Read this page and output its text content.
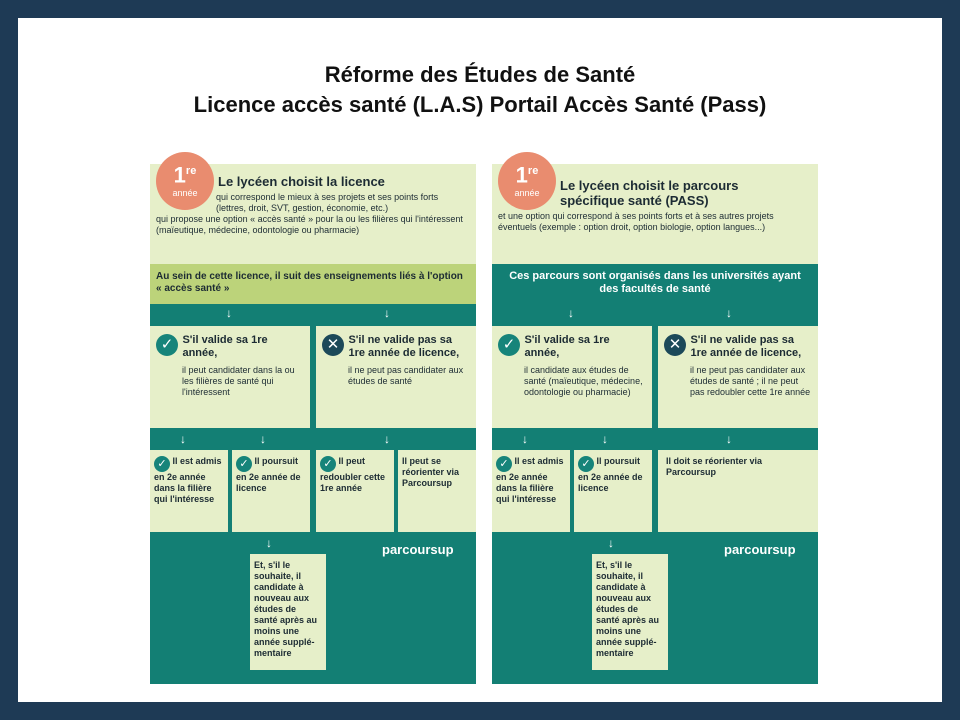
Réforme des Études de Santé
Licence accès santé (L.A.S) Portail Accès Santé (Pass)
Le lycéen choisit la licence
qui correspond le mieux à ses projets et ses points forts (lettres, droit, SVT, gestion, économie, etc.)
qui propose une option « accès santé » pour la ou les filières qui l'intéressent (maïeutique, médecine, odontologie ou pharmacie)
1re
année
Au sein de cette licence, il suit des enseignements liés à l'option « accès santé »
↓	↓
✓ S'il valide sa 1re année,
il peut candidater dans la ou les filières de santé qui l'intéressent
✕ S'il ne valide pas sa 1re année de licence,
il ne peut pas candidater aux études de santé
↓	↓	↓
✓ Il est admis en 2e année dans la filière qui l'intéresse
✓ Il poursuit en 2e année de licence
✓ Il peut redoubler cette 1re année
Il peut se réorienter via Parcoursup
↓	parcoursup
Et, s'il le souhaite, il candidate à nouveau aux études de santé après au moins une année supplé-mentaire
Le lycéen choisit le parcours spécifique santé (PASS)
et une option qui correspond à ses points forts et à ses autres projets éventuels (exemple : option droit, option biologie, option langues...)
1re
année
Ces parcours sont organisés dans les universités ayant des facultés de santé
↓	↓
✓ S'il valide sa 1re année,
il candidate aux études de santé (maïeutique, médecine, odontologie ou pharmacie)
✕ S'il ne valide pas sa 1re année de licence,
il ne peut pas candidater aux études de santé ; il ne peut pas redoubler cette 1re année
↓	↓	↓
✓ Il est admis en 2e année dans la filière qui l'intéresse
✓ Il poursuit en 2e année de licence
Il doit se réorienter via Parcoursup
↓	parcoursup
Et, s'il le souhaite, il candidate à nouveau aux études de santé après au moins une année supplé-mentaire
